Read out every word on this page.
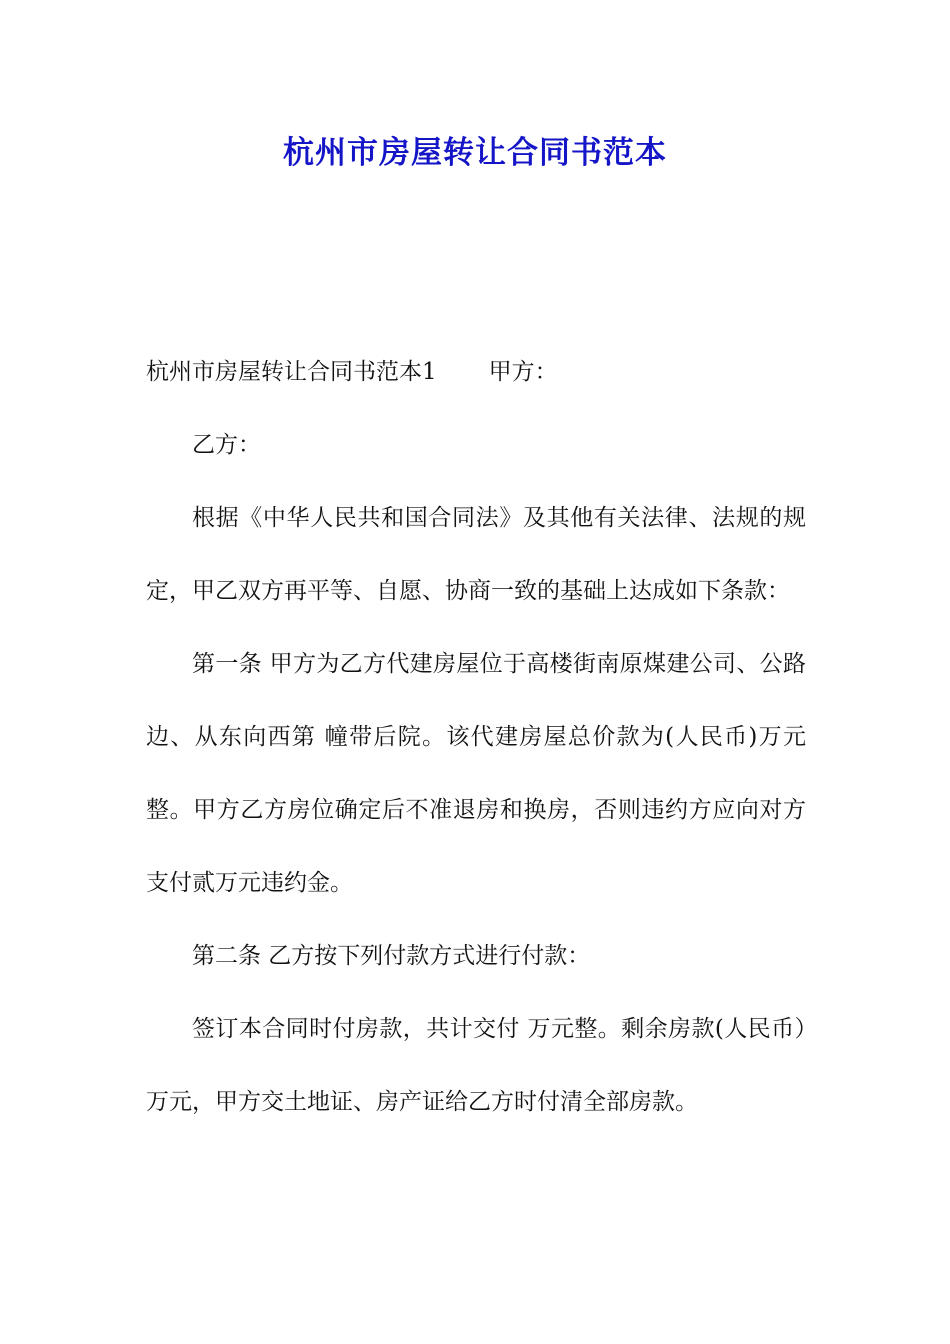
杭州市房屋转让合同书范本

杭州市房屋转让合同书范本1 甲方：

乙方：

根据《中华人民共和国合同法》及其他有关法律、法规的规定，甲乙双方再平等、自愿、协商一致的基础上达成如下条款：

第一条 甲方为乙方代建房屋位于高楼街南原煤建公司、公路边、从东向西第 幢带后院。该代建房屋总价款为(人民币)万元整。甲方乙方房位确定后不准退房和换房，否则违约方应向对方支付贰万元违约金。

第二条 乙方按下列付款方式进行付款：

签订本合同时付房款，共计交付 万元整。剩余房款(人民币）万元，甲方交土地证、房产证给乙方时付清全部房款。
